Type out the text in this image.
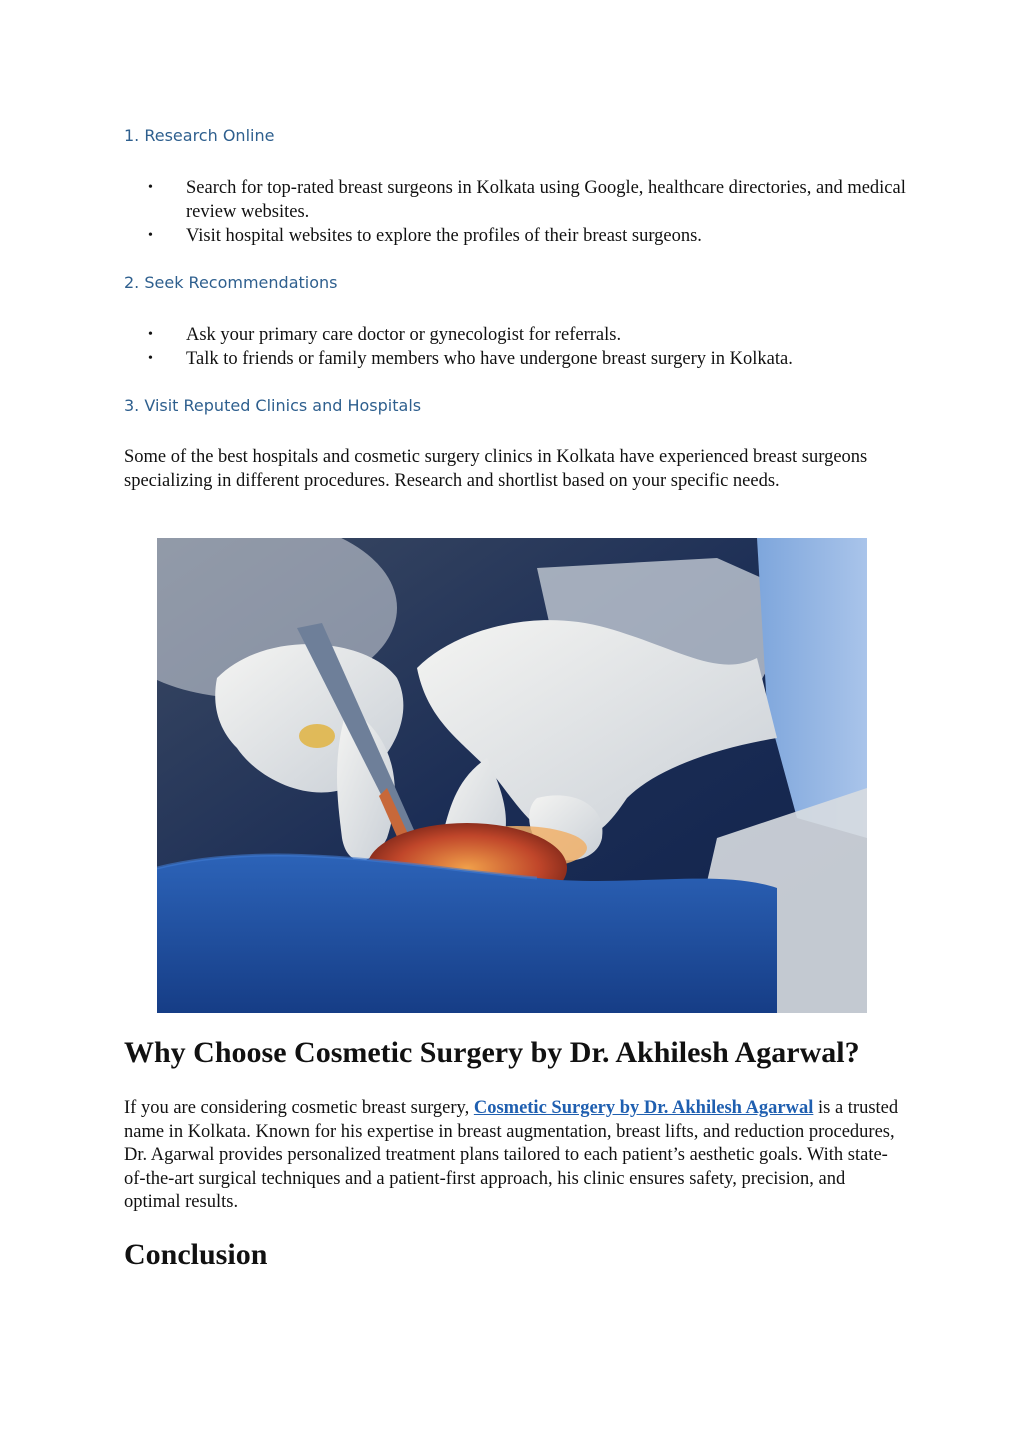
1. Research Online
• Search for top-rated breast surgeons in Kolkata using Google, healthcare directories, and medical review websites.
• Visit hospital websites to explore the profiles of their breast surgeons.
2. Seek Recommendations
• Ask your primary care doctor or gynecologist for referrals.
• Talk to friends or family members who have undergone breast surgery in Kolkata.
3. Visit Reputed Clinics and Hospitals

Some of the best hospitals and cosmetic surgery clinics in Kolkata have experienced breast surgeons specializing in different procedures. Research and shortlist based on your specific needs.

Why Choose Cosmetic Surgery by Dr. Akhilesh Agarwal?

If you are considering cosmetic breast surgery, Cosmetic Surgery by Dr. Akhilesh Agarwal is a trusted name in Kolkata. Known for his expertise in breast augmentation, breast lifts, and reduction procedures, Dr. Agarwal provides personalized treatment plans tailored to each patient’s aesthetic goals. With state-of-the-art surgical techniques and a patient-first approach, his clinic ensures safety, precision, and optimal results.

Conclusion
